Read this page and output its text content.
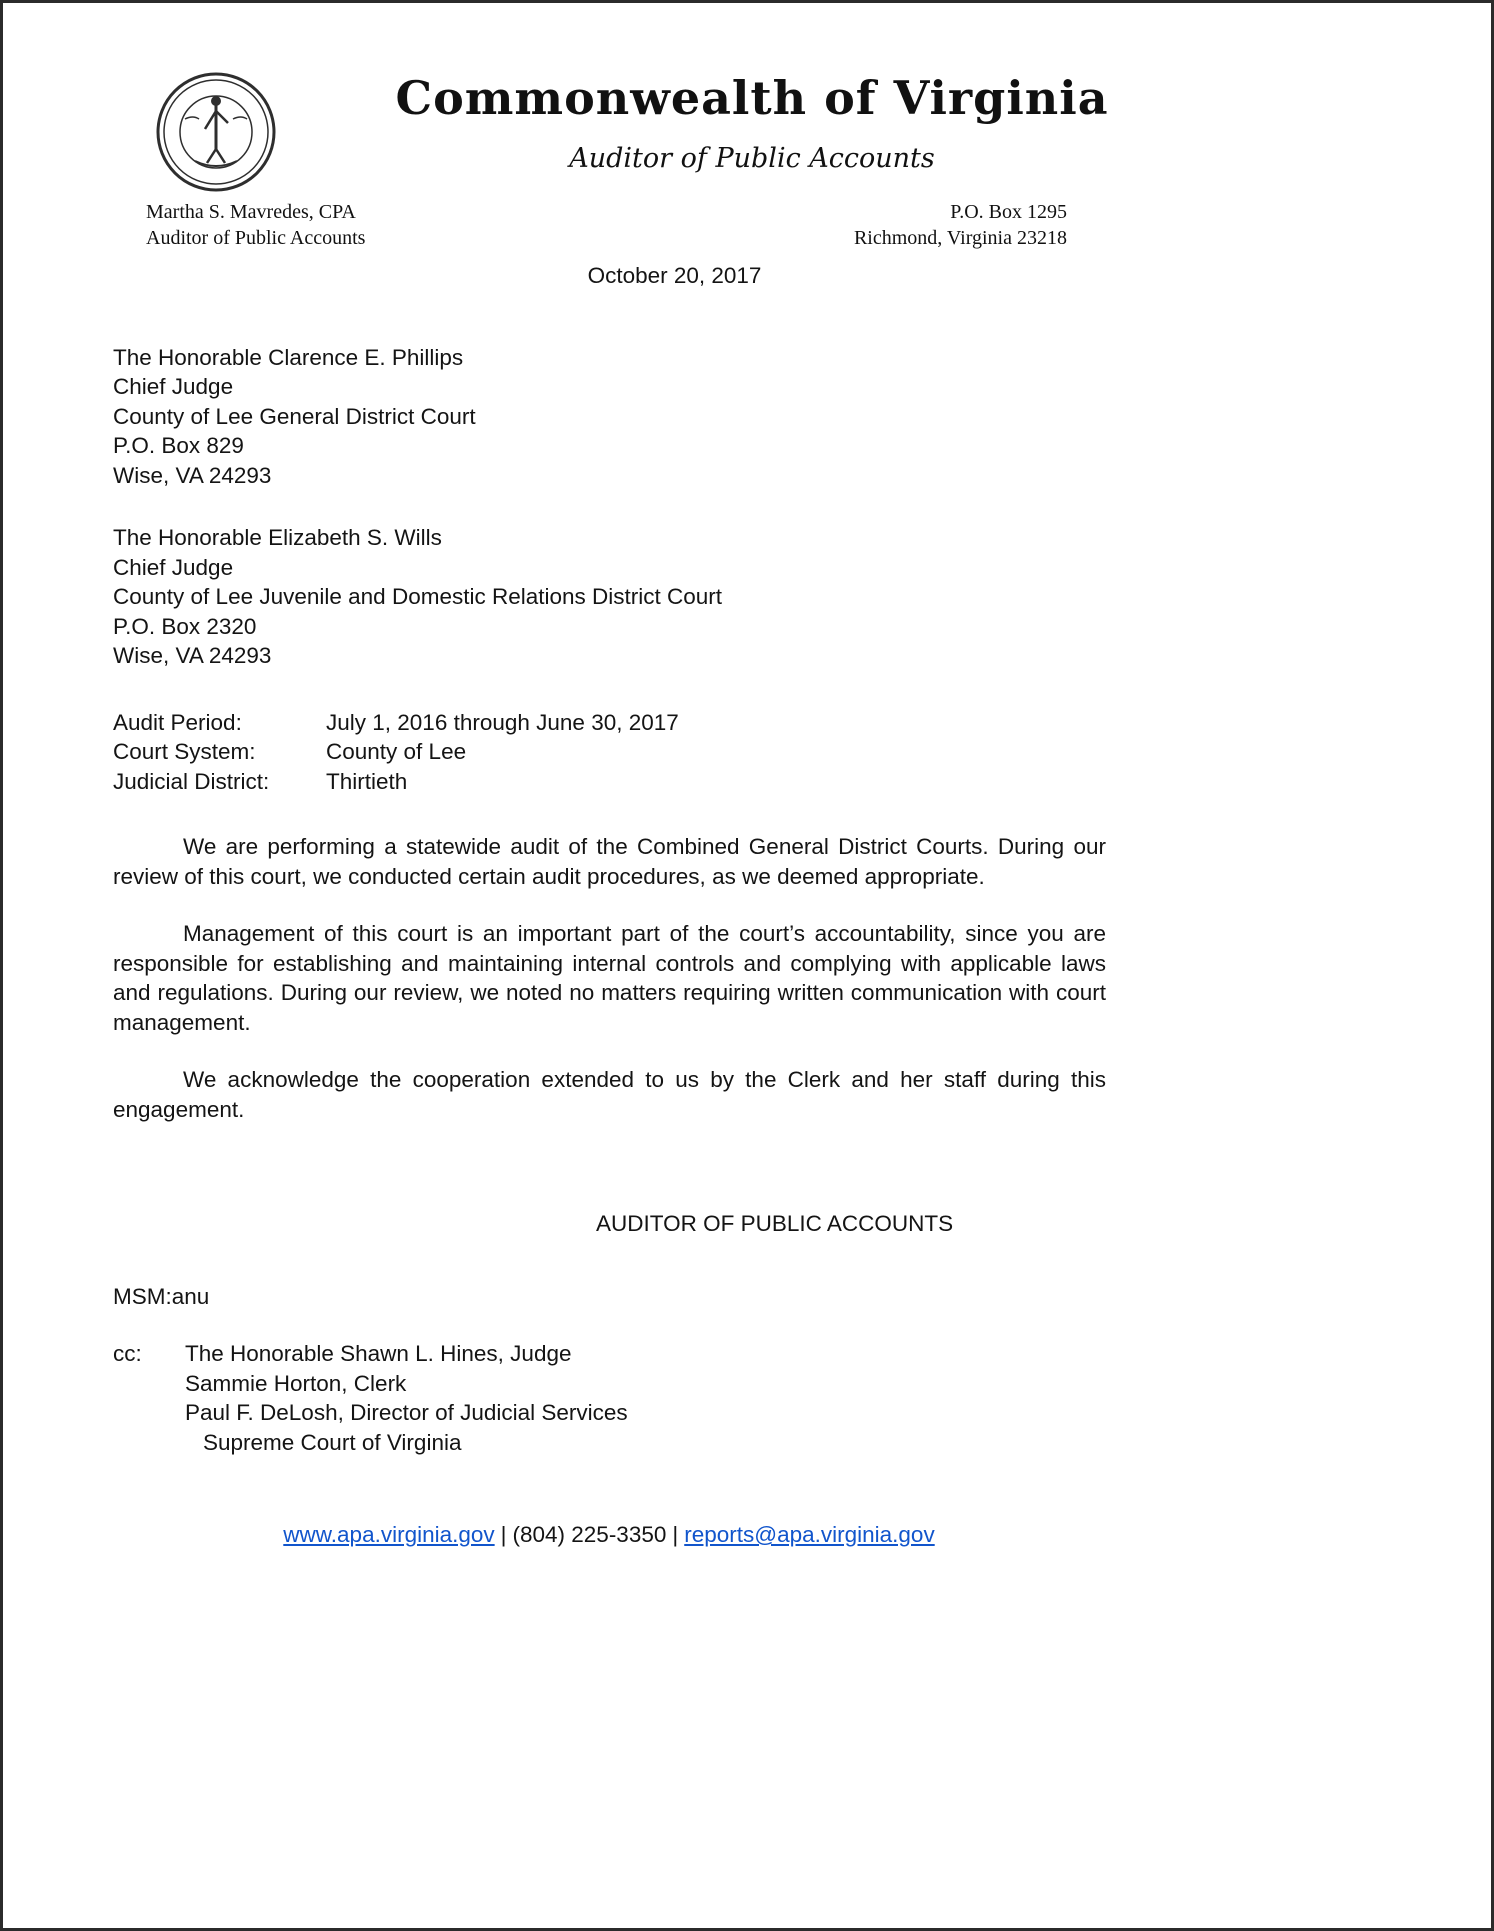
Commonwealth of Virginia
Auditor of Public Accounts
Martha S. Mavredes, CPA
Auditor of Public Accounts
P.O. Box 1295
Richmond, Virginia 23218
October 20, 2017
The Honorable Clarence E. Phillips
Chief Judge
County of Lee General District Court
P.O. Box 829
Wise, VA 24293
The Honorable Elizabeth S. Wills
Chief Judge
County of Lee Juvenile and Domestic Relations District Court
P.O. Box 2320
Wise, VA 24293
Audit Period:	July 1, 2016 through June 30, 2017
Court System:	County of Lee
Judicial District:	Thirtieth
We are performing a statewide audit of the Combined General District Courts. During our review of this court, we conducted certain audit procedures, as we deemed appropriate.
Management of this court is an important part of the court’s accountability, since you are responsible for establishing and maintaining internal controls and complying with applicable laws and regulations. During our review, we noted no matters requiring written communication with court management.
We acknowledge the cooperation extended to us by the Clerk and her staff during this engagement.
AUDITOR OF PUBLIC ACCOUNTS
MSM:anu
cc:	The Honorable Shawn L. Hines, Judge
Sammie Horton, Clerk
Paul F. DeLosh, Director of Judicial Services
Supreme Court of Virginia
www.apa.virginia.gov | (804) 225-3350 | reports@apa.virginia.gov
